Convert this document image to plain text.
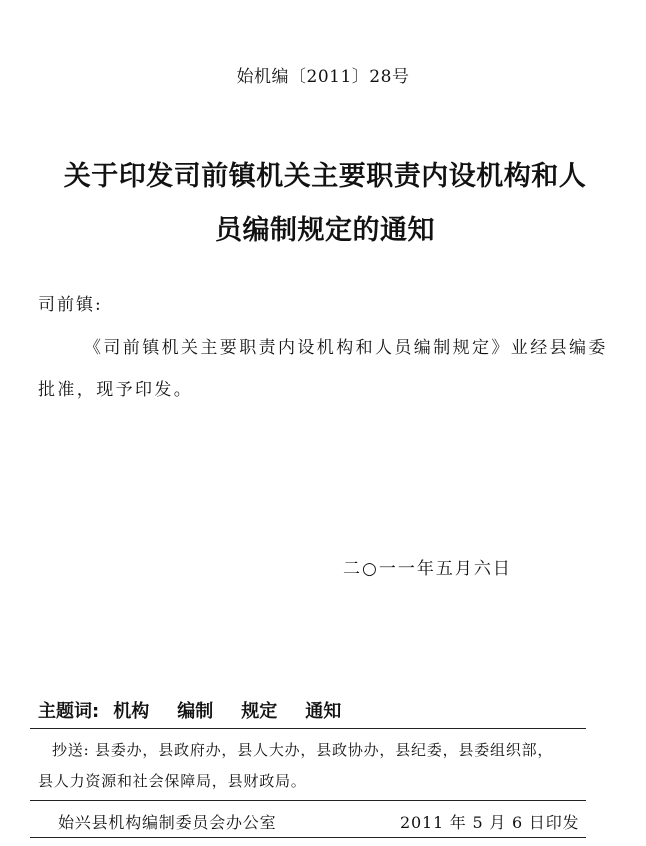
始机编〔2011〕28号
关于印发司前镇机关主要职责内设机构和人
员编制规定的通知
司前镇:
《司前镇机关主要职责内设机构和人员编制规定》业经县编委批准，现予印发。
二○一一年五月六日
主题词: 机构 编制 规定 通知
抄送: 县委办，县政府办，县人大办，县政协办，县纪委，县委组织部，
县人力资源和社会保障局，县财政局。
始兴县机构编制委员会办公室	2011 年 5 月 6 日印发
